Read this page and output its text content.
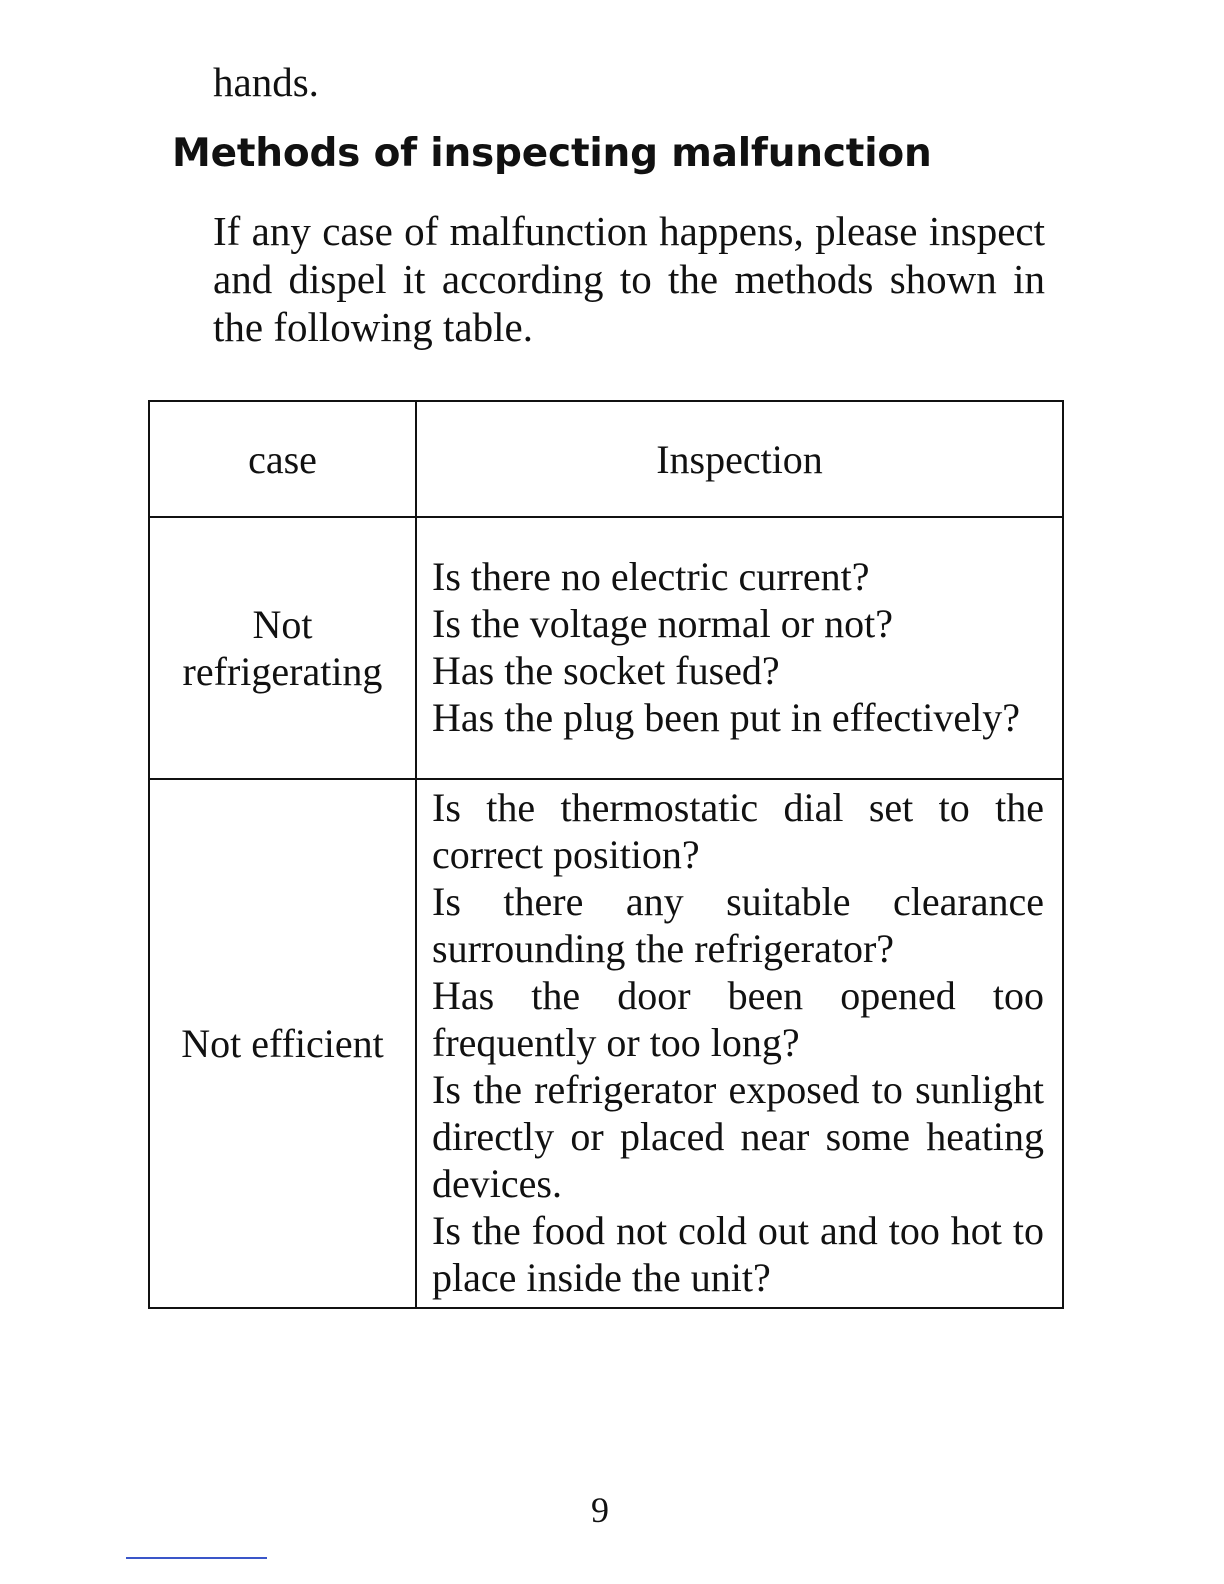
hands.

Methods of inspecting malfunction

If any case of malfunction happens, please inspect and dispel it according to the methods shown in the following table.

case	Inspection
Not
refrigerating	Is there no electric current?
Is the voltage normal or not?
Has the socket fused?
Has the plug been put in effectively?

Not efficient	Is the thermostatic dial set to the correct position?
Is there any suitable clearance surrounding the refrigerator?
Has the door been opened too frequently or too long?
Is the refrigerator exposed to sunlight directly or placed near some heating devices.
Is the food not cold out and too hot to place inside the unit?

9
